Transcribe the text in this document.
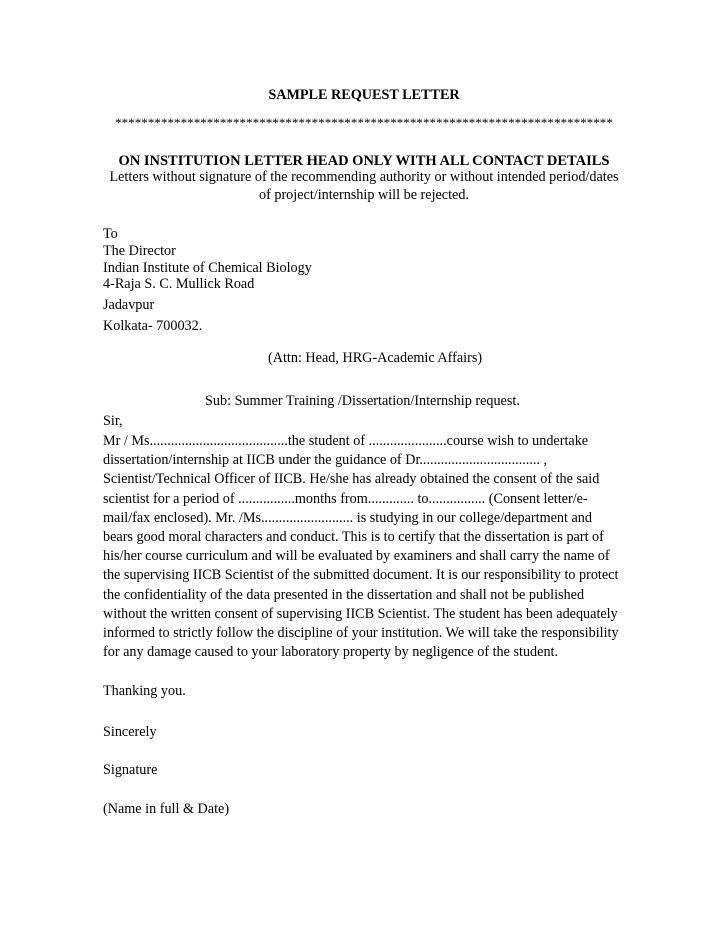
SAMPLE REQUEST LETTER
****************************************************************************
ON INSTITUTION LETTER HEAD ONLY WITH ALL CONTACT DETAILS
Letters without signature of the recommending authority or without intended period/dates
of project/internship will be rejected.
To
The Director
Indian Institute of Chemical Biology
4-Raja S. C. Mullick Road
Jadavpur
Kolkata- 700032.
(Attn: Head, HRG-Academic Affairs)
Sub: Summer Training /Dissertation/Internship request.
Sir,
Mr / Ms.......................................the student of ......................course wish to undertake
dissertation/internship at IICB under the guidance of Dr.................................. ,
Scientist/Technical Officer of IICB. He/she has already obtained the consent of the said
scientist for a period of ................months from............. to................ (Consent letter/e-
mail/fax enclosed). Mr. /Ms.......................... is studying in our college/department and
bears good moral characters and conduct. This is to certify that the dissertation is part of
his/her course curriculum and will be evaluated by examiners and shall carry the name of
the supervising IICB Scientist of the submitted document. It is our responsibility to protect
the confidentiality of the data presented in the dissertation and shall not be published
without the written consent of supervising IICB Scientist. The student has been adequately
informed to strictly follow the discipline of your institution. We will take the responsibility
for any damage caused to your laboratory property by negligence of the student.
Thanking you.
Sincerely
Signature
(Name in full & Date)
